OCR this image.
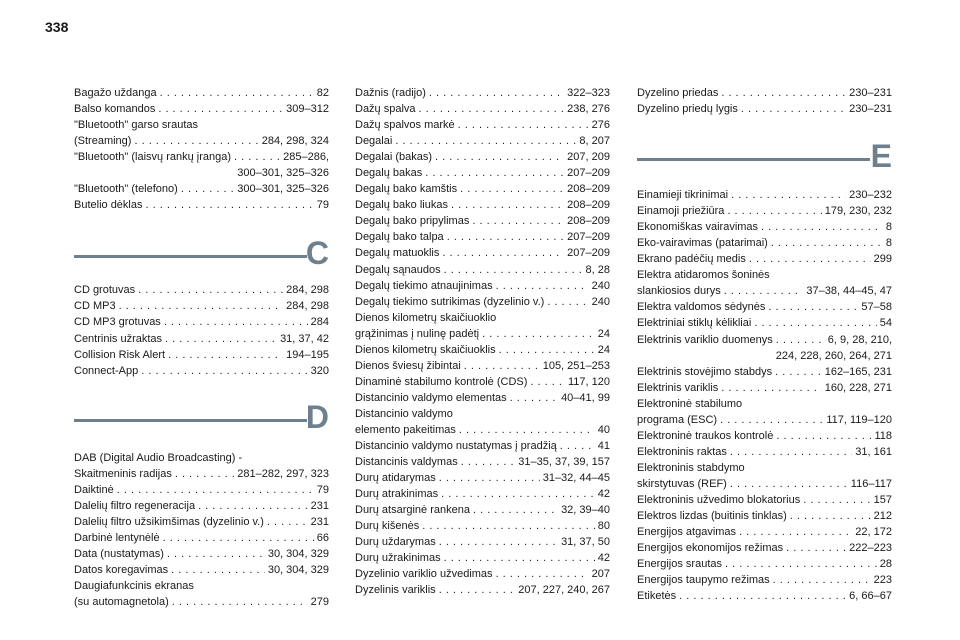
338
Bagažo uždanga . . .	82
Balso komandos . . .	309–312
"Bluetooth" garso srautas
(Streaming) . . .	284, 298, 324
"Bluetooth" (laisvų rankų įranga) . . .	285–286,
300–301, 325–326
"Bluetooth" (telefono) . . .	300–301, 325–326
Butelio dėklas . . .	79
C
CD grotuvas . . .	284, 298
CD MP3 . . .	284, 298
CD MP3 grotuvas . . .	284
Centrinis užraktas . . .	31, 37, 42
Collision Risk Alert . . .	194–195
Connect-App . . .	320
D
DAB (Digital Audio Broadcasting) -
Skaitmeninis radijas . . .	281–282, 297, 323
Daiktinė . . .	79
Dalelių filtro regeneracija . . .	231
Dalelių filtro užsikimšimas (dyzelinio v.) . . .	231
Darbinė lentynėlė . . .	66
Data (nustatymas) . . .	30, 304, 329
Datos koregavimas . . .	30, 304, 329
Daugiafunkcinis ekranas
(su automagnetola) . . .	279
Dažnis (radijo) . . .	322–323
Dažų spalva . . .	238, 276
Dažų spalvos markė . . .	276
Degalai . . .	8, 207
Degalai (bakas) . . .	207, 209
Degalų bakas . . .	207–209
Degalų bako kamštis . . .	208–209
Degalų bako liukas . . .	208–209
Degalų bako pripylimas . . .	208–209
Degalų bako talpa . . .	207–209
Degalų matuoklis . . .	207–209
Degalų sąnaudos . . .	8, 28
Degalų tiekimo atnaujinimas . . .	240
Degalų tiekimo sutrikimas (dyzelinio v.) . . .	240
Dienos kilometrų skaičiuoklio
grąžinimas į nulinę padėtį . . .	24
Dienos kilometrų skaičiuoklis . . .	24
Dienos šviesų žibintai . . .	105, 251–253
Dinaminė stabilumo kontrolė (CDS) . . .	117, 120
Distancinio valdymo elementas . . .	40–41, 99
Distancinio valdymo
elemento pakeitimas . . .	40
Distancinio valdymo nustatymas į pradžią . . .	41
Distancinis valdymas . . .	31–35, 37, 39, 157
Durų atidarymas . . .	31–32, 44–45
Durų atrakinimas . . .	42
Durų atsarginė rankena . . .	32, 39–40
Durų kišenės . . .	80
Durų uždarymas . . .	31, 37, 50
Durų užrakinimas . . .	42
Dyzelinio variklio užvedimas . . .	207
Dyzelinis variklis . . .	207, 227, 240, 267
Dyzelino priedas . . .	230–231
Dyzelino priedų lygis . . .	230–231
E
Einamieji tikrinimai . . .	230–232
Einamoji priežiūra . . .	179, 230, 232
Ekonomiškas vairavimas . . .	8
Eko-vairavimas (patarimai) . . .	8
Ekrano padėčių medis . . .	299
Elektra atidaromos šoninės
slankiosios durys . . .	37–38, 44–45, 47
Elektra valdomos sėdynės . . .	57–58
Elektriniai stiklų kėlikliai . . .	54
Elektrinis variklio duomenys . . .	6, 9, 28, 210,
224, 228, 260, 264, 271
Elektrinis stovėjimo stabdys . . .	162–165, 231
Elektrinis variklis . . .	160, 228, 271
Elektroninė stabilumo
programa (ESC) . . .	117, 119–120
Elektroninė traukos kontrolė . . .	118
Elektroninis raktas . . .	31, 161
Elektroninis stabdymo
skirstytuvas (REF) . . .	116–117
Elektroninis užvedimo blokatorius . . .	157
Elektros lizdas (buitinis tinklas) . . .	212
Energijos atgavimas . . .	22, 172
Energijos ekonomijos režimas . . .	222–223
Energijos srautas . . .	28
Energijos taupymo režimas . . .	223
Etiketės . . .	6, 66–67
